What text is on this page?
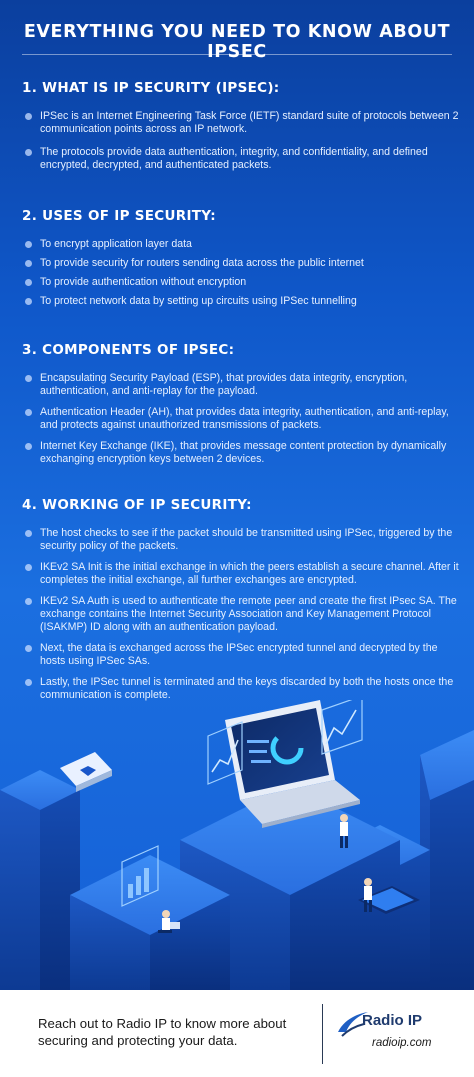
EVERYTHING YOU NEED TO KNOW ABOUT IPSEC
1. WHAT IS IP SECURITY (IPSEC):
IPSec is an Internet Engineering Task Force (IETF) standard suite of protocols between 2 communication points across an IP network.
The protocols provide data authentication, integrity, and confidentiality, and defined encrypted, decrypted, and authenticated packets.
2. USES OF IP SECURITY:
To encrypt application layer data
To provide security for routers sending data across the public internet
To provide authentication without encryption
To protect network data by setting up circuits using IPSec tunnelling
3. COMPONENTS OF IPSEC:
Encapsulating Security Payload (ESP), that provides data integrity, encryption, authentication, and anti-replay for the payload.
Authentication Header (AH), that provides data integrity, authentication, and anti-replay, and protects against unauthorized transmissions of packets.
Internet Key Exchange (IKE), that provides message content protection by dynamically exchanging encryption keys between 2 devices.
4. WORKING OF IP SECURITY:
The host checks to see if the packet should be transmitted using IPSec, triggered by the security policy of the packets.
IKEv2 SA Init is the initial exchange in which the peers establish a secure channel. After it completes the initial exchange, all further exchanges are encrypted.
IKEv2 SA Auth is used to authenticate the remote peer and create the first IPsec SA. The exchange contains the Internet Security Association and Key Management Protocol (ISAKMP) ID along with an authentication payload.
Next, the data is exchanged across the IPSec encrypted tunnel and decrypted by the hosts using IPSec SAs.
Lastly, the IPSec tunnel is terminated and the keys discarded by both the hosts once the communication is complete.
Reach out to Radio IP to know more about securing and protecting your data.
Radio IP
radioip.com
